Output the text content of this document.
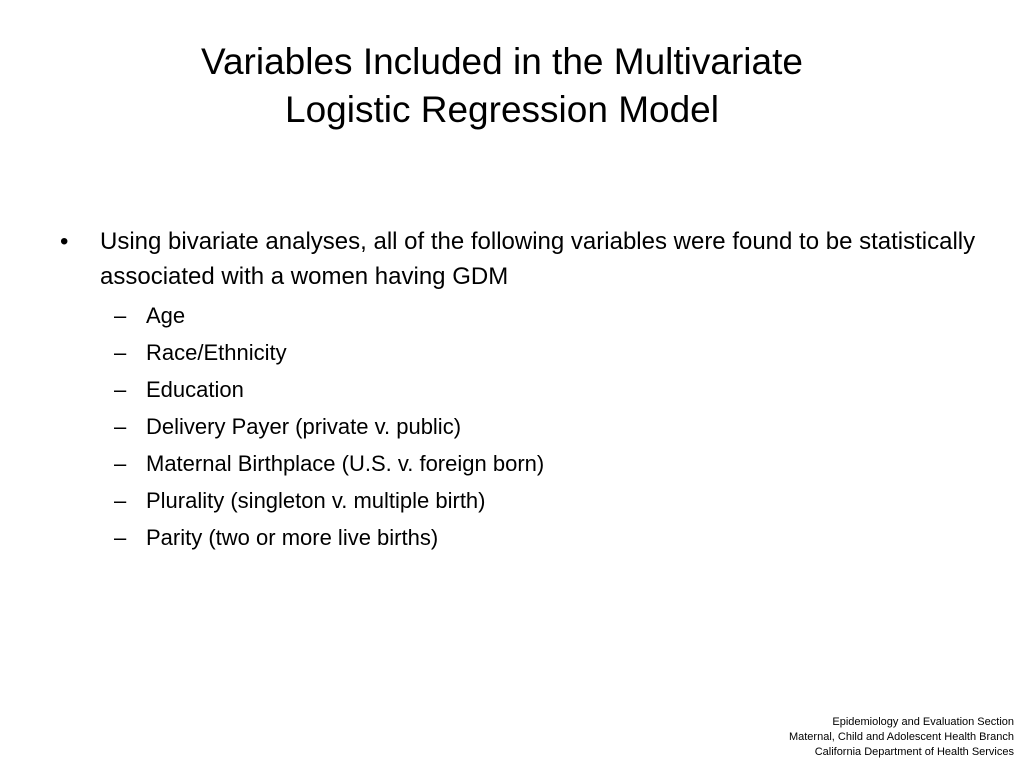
Variables Included in the Multivariate
Logistic Regression Model
•	Using bivariate analyses, all of the following variables were found to be statistically associated with a women having GDM
– Age
– Race/Ethnicity
– Education
– Delivery Payer (private v. public)
– Maternal Birthplace (U.S. v. foreign born)
– Plurality (singleton v. multiple birth)
– Parity (two or more live births)
Epidemiology and Evaluation Section
Maternal, Child and Adolescent Health Branch
California Department of Health Services
